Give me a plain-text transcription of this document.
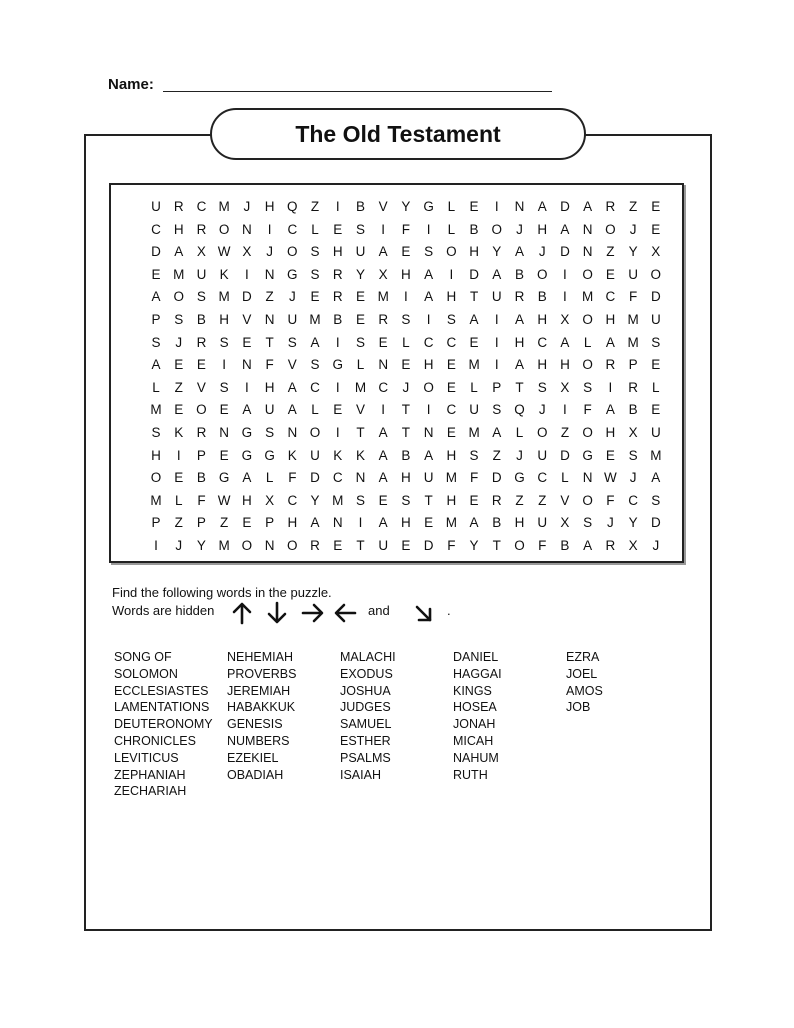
Name:
The Old Testament
U R C M	J	H Q Z	I	B	V	Y G	L	E	I	N A D A R	Z	E
C H R O N	I	C	L	E	S	I	F	I	L	B O	J	H A N O	J	E
D A	X W X	J	O S H U A	E	S O H Y	A	J	D N	Z	Y	X
E M U K	I	N G S R Y	X H A	I	D A	B O	I	O E U O
A O S M D	Z	J	E R E M	I	A H	T	U R B	I	M C	F	D
P	S	B H V N U M B	E R S	I	S	A	I	A H X O H M U
S	J	R S	E	T	S	A	I	S	E	L	C C E	I	H C A	L	A M S
A	E	E	I	N	F	V	S G	L	N E H E M	I	A H H O R P	E
L	Z	V	S	I	H A C	I	M C	J	O E	L	P	T	S	X	S	I	R	L
M E O E	A U A	L	E	V	I	T	I	C U S Q	J	I	F	A	B	E
S	K R N G S N O	I	T	A	T	N E M A	L	O Z O H X U
H	I	P	E G G K U K	K	A	B	A H S	Z	J	U D G E	S M
O E	B G A	L	F	D C N A H U M F	D G C	L	N W J	A
M L	F W H X C Y M S	E	S	T	H E R	Z	Z	V O F	C S
P	Z	P	Z	E	P H A N	I	A H E M A	B H U X	S	J	Y D
I	J	Y M O N O R E	T	U E D	F	Y	T O F	B	A R X	J
Find the following words in the puzzle.
Words are hidden	and	.
SONG OF
SOLOMON
ECCLESIASTES
LAMENTATIONS
DEUTERONOMY
CHRONICLES
LEVITICUS
ZEPHANIAH
ZECHARIAH
NEHEMIAH
PROVERBS
JEREMIAH
HABAKKUK
GENESIS
NUMBERS
EZEKIEL
OBADIAH
MALACHI
EXODUS
JOSHUA
JUDGES
SAMUEL
ESTHER
PSALMS
ISAIAH
DANIEL
HAGGAI
KINGS
HOSEA
JONAH
MICAH
NAHUM
RUTH
EZRA
JOEL
AMOS
JOB
